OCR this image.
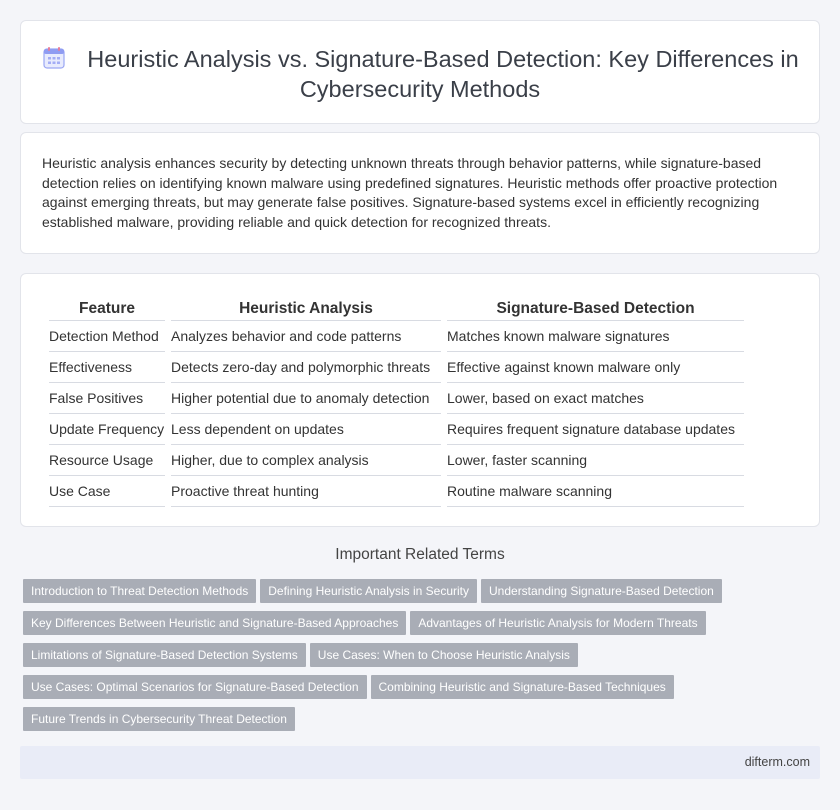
Heuristic Analysis vs. Signature-Based Detection: Key Differences in Cybersecurity Methods

Heuristic analysis enhances security by detecting unknown threats through behavior patterns, while signature-based detection relies on identifying known malware using predefined signatures. Heuristic methods offer proactive protection against emerging threats, but may generate false positives. Signature-based systems excel in efficiently recognizing established malware, providing reliable and quick detection for recognized threats.

Feature	Heuristic Analysis	Signature-Based Detection
Detection Method	Analyzes behavior and code patterns	Matches known malware signatures
Effectiveness	Detects zero-day and polymorphic threats	Effective against known malware only
False Positives	Higher potential due to anomaly detection	Lower, based on exact matches
Update Frequency	Less dependent on updates	Requires frequent signature database updates
Resource Usage	Higher, due to complex analysis	Lower, faster scanning
Use Case	Proactive threat hunting	Routine malware scanning
Important Related Terms
Introduction to Threat Detection Methods Defining Heuristic Analysis in Security Understanding Signature-Based Detection
Key Differences Between Heuristic and Signature-Based Approaches Advantages of Heuristic Analysis for Modern Threats
Limitations of Signature-Based Detection Systems Use Cases: When to Choose Heuristic Analysis
Use Cases: Optimal Scenarios for Signature-Based Detection Combining Heuristic and Signature-Based Techniques
Future Trends in Cybersecurity Threat Detection
difterm.com
